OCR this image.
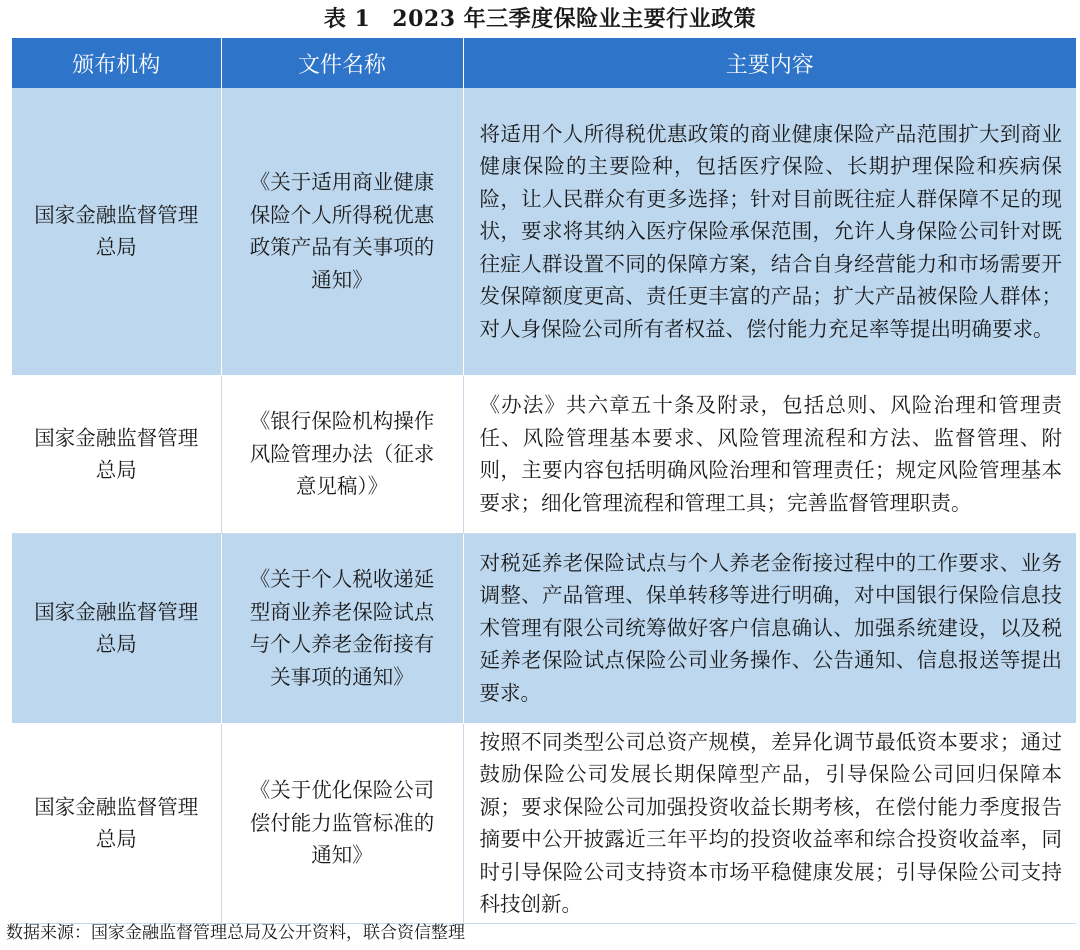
表 1 2023 年三季度保险业主要行业政策
颁布机构	文件名称	主要内容
国家金融监督管理总局	《关于适用商业健康保险个人所得税优惠政策产品有关事项的通知》	将适用个人所得税优惠政策的商业健康保险产品范围扩大到商业健康保险的主要险种，包括医疗保险、长期护理保险和疾病保险，让人民群众有更多选择；针对目前既往症人群保障不足的现状，要求将其纳入医疗保险承保范围，允许人身保险公司针对既往症人群设置不同的保障方案，结合自身经营能力和市场需要开发保障额度更高、责任更丰富的产品；扩大产品被保险人群体；对人身保险公司所有者权益、偿付能力充足率等提出明确要求。
国家金融监督管理总局	《银行保险机构操作风险管理办法（征求意见稿）》	《办法》共六章五十条及附录，包括总则、风险治理和管理责任、风险管理基本要求、风险管理流程和方法、监督管理、附则，主要内容包括明确风险治理和管理责任；规定风险管理基本要求；细化管理流程和管理工具；完善监督管理职责。
国家金融监督管理总局	《关于个人税收递延型商业养老保险试点与个人养老金衔接有关事项的通知》	对税延养老保险试点与个人养老金衔接过程中的工作要求、业务调整、产品管理、保单转移等进行明确，对中国银行保险信息技术管理有限公司统筹做好客户信息确认、加强系统建设，以及税延养老保险试点保险公司业务操作、公告通知、信息报送等提出要求。
国家金融监督管理总局	《关于优化保险公司偿付能力监管标准的通知》	按照不同类型公司总资产规模，差异化调节最低资本要求；通过鼓励保险公司发展长期保障型产品，引导保险公司回归保障本源；要求保险公司加强投资收益长期考核，在偿付能力季度报告摘要中公开披露近三年平均的投资收益率和综合投资收益率，同时引导保险公司支持资本市场平稳健康发展；引导保险公司支持科技创新。
数据来源：国家金融监督管理总局及公开资料，联合资信整理
